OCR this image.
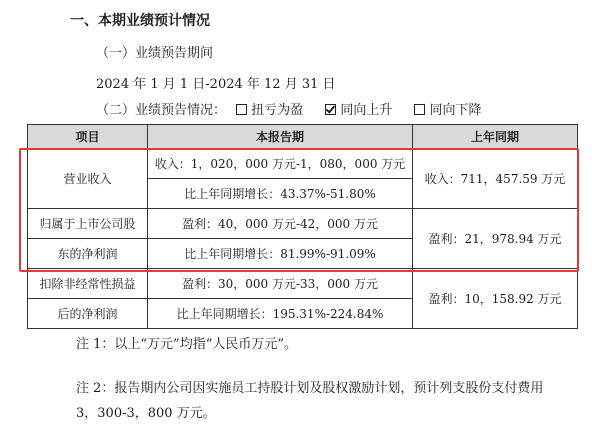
一、本期业绩预计情况
（一）业绩预告期间
2024 年 1 月 1 日-2024 年 12 月 31 日
（二）业绩预告情况： 扭亏为盈	同向上升	同向下降
项目	本报告期	上年同期
营业收入	收入：1，020，000 万元-1，080，000 万元	收入：711，457.59 万元
	比上年同期增长：43.37%-51.80%	
归属于上市公司股	盈利：40，000 万元-42，000 万元	盈利：21，978.94 万元
东的净利润	比上年同期增长：81.99%-91.09%	
扣除非经常性损益	盈利：30，000 万元-33，000 万元	盈利：10，158.92 万元
后的净利润	比上年同期增长：195.31%-224.84%	
注 1：以上“万元”均指“人民币万元”。
注 2：报告期内公司因实施员工持股计划及股权激励计划，预计列支股份支付费用
3，300-3，800 万元。
